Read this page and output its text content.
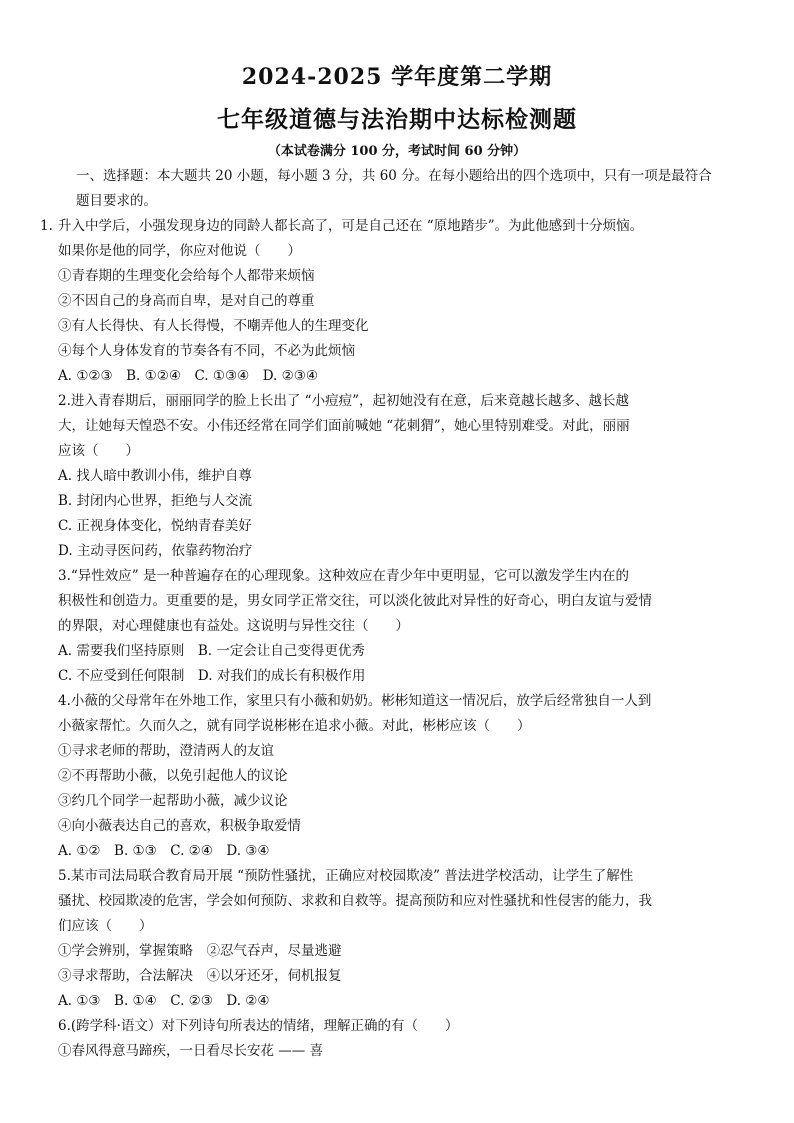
2024-2025 学年度第二学期
七年级道德与法治期中达标检测题
（本试卷满分 100 分，考试时间 60 分钟）
一、选择题：本大题共 20 小题，每小题 3 分，共 60 分。在每小题给出的四个选项中，只有一项是最符合
题目要求的。
1. 升入中学后，小强发现身边的同龄人都长高了，可是自己还在 “原地踏步”。为此他感到十分烦恼。
如果你是他的同学，你应对他说（　　）
①青春期的生理变化会给每个人都带来烦恼
②不因自己的身高而自卑，是对自己的尊重
③有人长得快、有人长得慢，不嘲弄他人的生理变化
④每个人身体发育的节奏各有不同，不必为此烦恼
A. ①②③　B. ①②④　C. ①③④　D. ②③④
2.进入青春期后，丽丽同学的脸上长出了 “小痘痘”，起初她没有在意，后来竟越长越多、越长越
大，让她每天惶恐不安。小伟还经常在同学们面前喊她 “花刺猬”，她心里特别难受。对此，丽丽
应该（　　）
A. 找人暗中教训小伟，维护自尊
B. 封闭内心世界，拒绝与人交流
C. 正视身体变化，悦纳青春美好
D. 主动寻医问药，依靠药物治疗
3.“异性效应” 是一种普遍存在的心理现象。这种效应在青少年中更明显，它可以激发学生内在的
积极性和创造力。更重要的是，男女同学正常交往，可以淡化彼此对异性的好奇心，明白友谊与爱情
的界限，对心理健康也有益处。这说明与异性交往（　　）
A. 需要我们坚持原则　B. 一定会让自己变得更优秀
C. 不应受到任何限制　D. 对我们的成长有积极作用
4.小薇的父母常年在外地工作，家里只有小薇和奶奶。彬彬知道这一情况后，放学后经常独自一人到
小薇家帮忙。久而久之，就有同学说彬彬在追求小薇。对此，彬彬应该（　　）
①寻求老师的帮助，澄清两人的友谊
②不再帮助小薇，以免引起他人的议论
③约几个同学一起帮助小薇，减少议论
④向小薇表达自己的喜欢，积极争取爱情
A. ①②　B. ①③　C. ②④　D. ③④
5.某市司法局联合教育局开展 “预防性骚扰，正确应对校园欺凌” 普法进学校活动，让学生了解性
骚扰、校园欺凌的危害，学会如何预防、求救和自救等。提高预防和应对性骚扰和性侵害的能力，我
们应该（　　）
①学会辨别，掌握策略　②忍气吞声，尽量逃避
③寻求帮助，合法解决　④以牙还牙，伺机报复
A. ①③　B. ①④　C. ②③　D. ②④
6.(跨学科·语文）对下列诗句所表达的情绪，理解正确的有（　　）
①春风得意马蹄疾，一日看尽长安花 —— 喜
